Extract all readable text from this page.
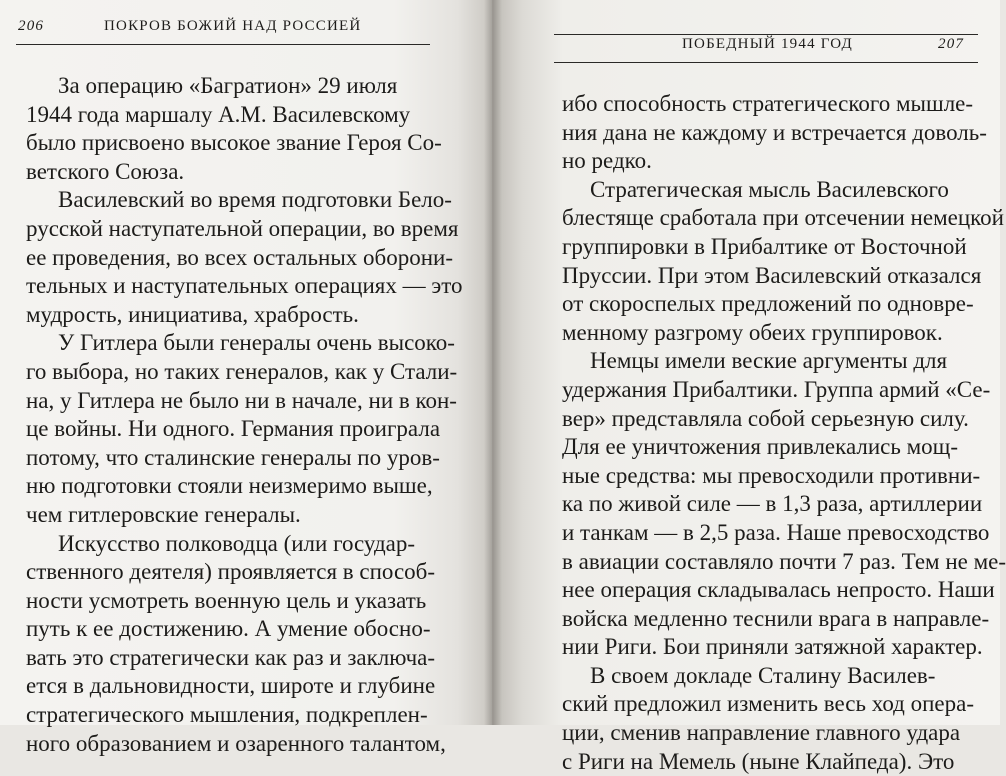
206	ПОКРОВ БОЖИЙ НАД РОССИЕЙ
За операцию «Багратион» 29 июля
1944 года маршалу А.М. Василевскому
было присвоено высокое звание Героя Со-
ветского Союза.
Василевский во время подготовки Бело-
русской наступательной операции, во время
ее проведения, во всех остальных оборони-
тельных и наступательных операциях — это
мудрость, инициатива, храбрость.
У Гитлера были генералы очень высоко-
го выбора, но таких генералов, как у Стали-
на, у Гитлера не было ни в начале, ни в кон-
це войны. Ни одного. Германия проиграла
потому, что сталинские генералы по уров-
ню подготовки стояли неизмеримо выше,
чем гитлеровские генералы.
Искусство полководца (или государ-
ственного деятеля) проявляется в способ-
ности усмотреть военную цель и указать
путь к ее достижению. А умение обосно-
вать это стратегически как раз и заключа-
ется в дальновидности, широте и глубине
стратегического мышления, подкреплен-
ного образованием и озаренного талантом,
ПОБЕДНЫЙ 1944 ГОД	207
ибо способность стратегического мышле-
ния дана не каждому и встречается доволь-
но редко.
Стратегическая мысль Василевского
блестяще сработала при отсечении немецкой
группировки в Прибалтике от Восточной
Пруссии. При этом Василевский отказался
от скороспелых предложений по одновре-
менному разгрому обеих группировок.
Немцы имели веские аргументы для
удержания Прибалтики. Группа армий «Се-
вер» представляла собой серьезную силу.
Для ее уничтожения привлекались мощ-
ные средства: мы превосходили противни-
ка по живой силе — в 1,3 раза, артиллерии
и танкам — в 2,5 раза. Наше превосходство
в авиации составляло почти 7 раз. Тем не ме-
нее операция складывалась непросто. Наши
войска медленно теснили врага в направле-
нии Риги. Бои приняли затяжной характер.
В своем докладе Сталину Василев-
ский предложил изменить весь ход опера-
ции, сменив направление главного удара
с Риги на Мемель (ныне Клайпеда). Это
